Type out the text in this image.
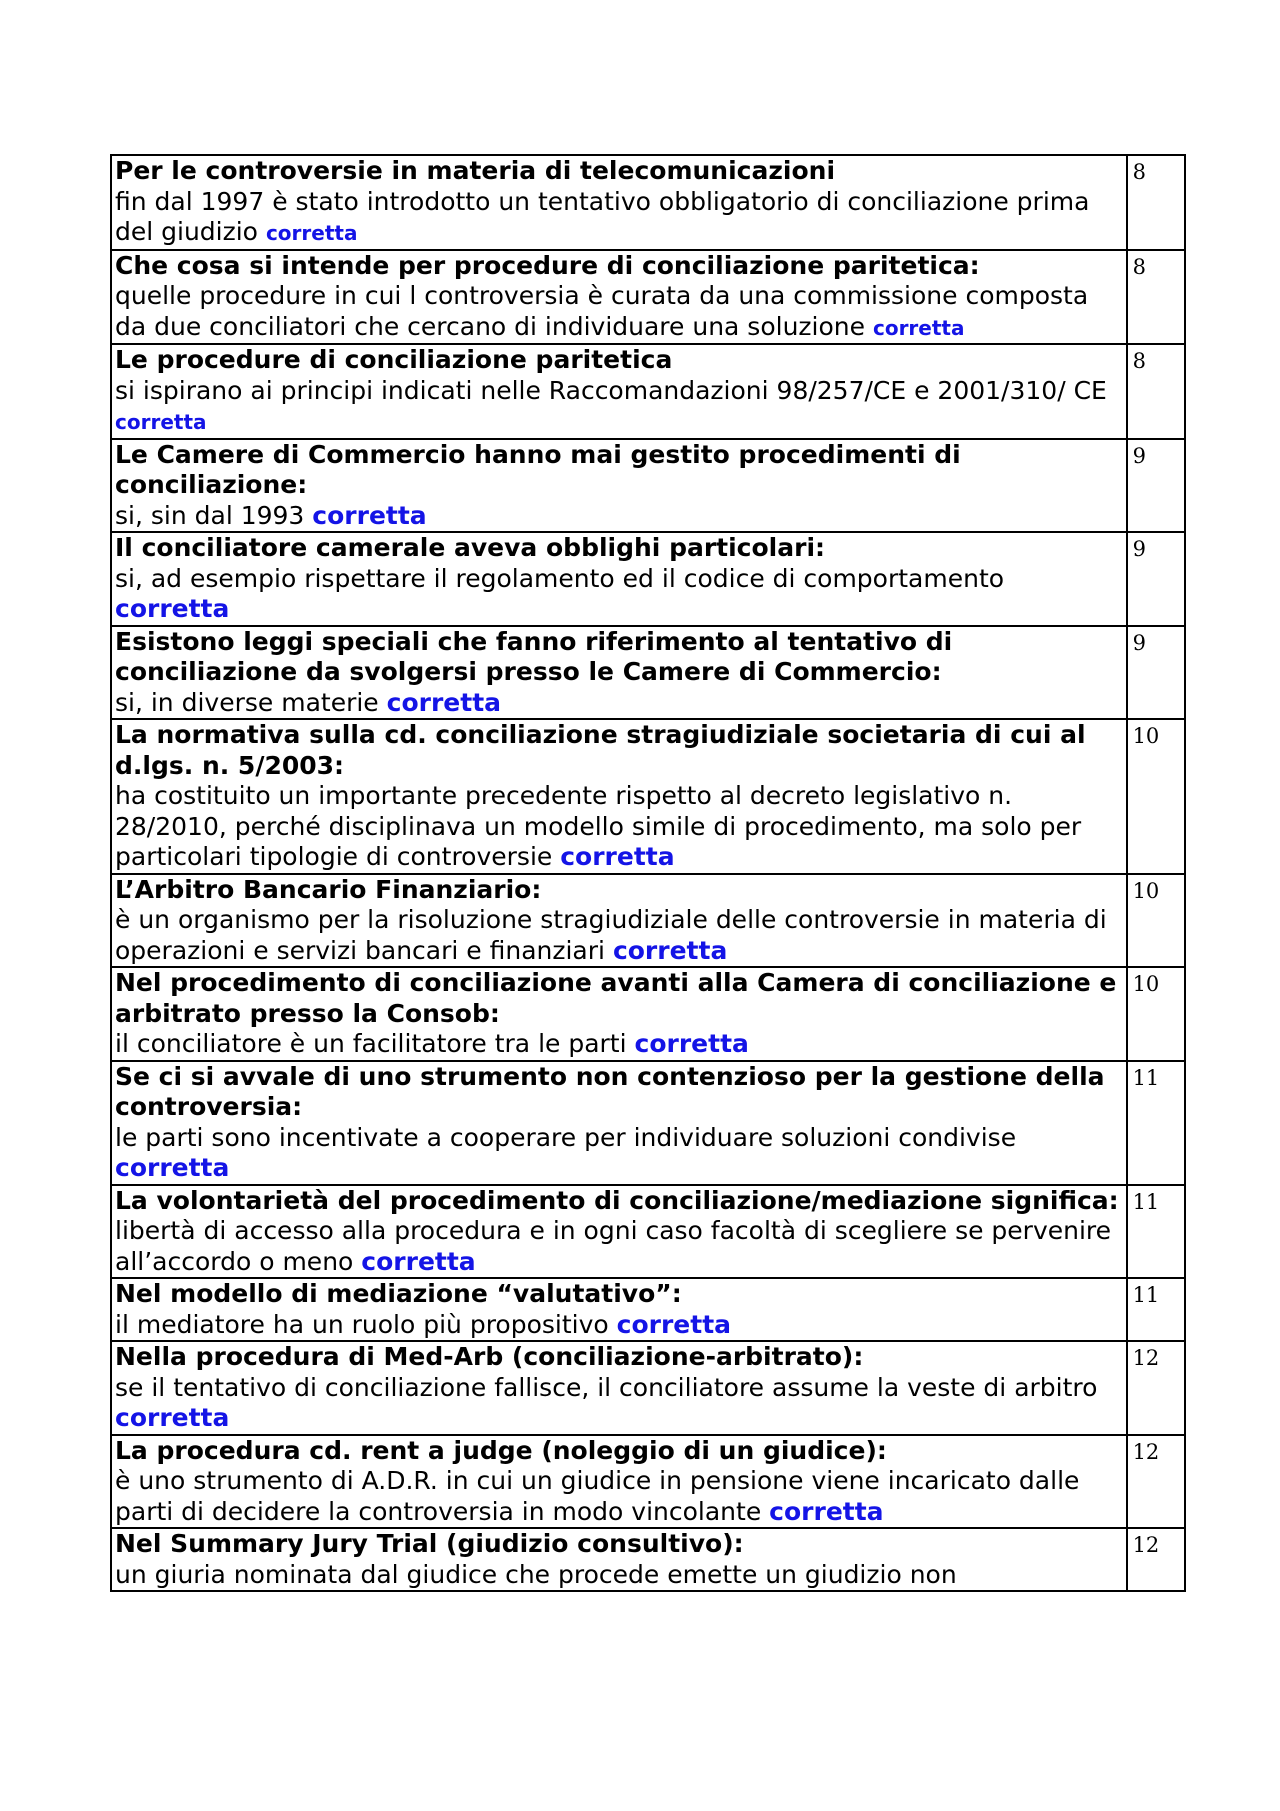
Per le controversie in materia di telecomunicazioni
fin dal 1997 è stato introdotto un tentativo obbligatorio di conciliazione prima del giudizio corretta	8
Che cosa si intende per procedure di conciliazione paritetica:
quelle procedure in cui l controversia è curata da una commissione composta da due conciliatori che cercano di individuare una soluzione corretta	8
Le procedure di conciliazione paritetica
si ispirano ai principi indicati nelle Raccomandazioni 98/257/CE e 2001/310/ CE corretta	8
Le Camere di Commercio hanno mai gestito procedimenti di conciliazione:
si, sin dal 1993 corretta	9
Il conciliatore camerale aveva obblighi particolari:
si, ad esempio rispettare il regolamento ed il codice di comportamento corretta	9
Esistono leggi speciali che fanno riferimento al tentativo di conciliazione da svolgersi presso le Camere di Commercio:
si, in diverse materie corretta	9
La normativa sulla cd. conciliazione stragiudiziale societaria di cui al d.lgs. n. 5/2003:
ha costituito un importante precedente rispetto al decreto legislativo n. 28/2010, perché disciplinava un modello simile di procedimento, ma solo per particolari tipologie di controversie corretta	10
L’Arbitro Bancario Finanziario:
è un organismo per la risoluzione stragiudiziale delle controversie in materia di operazioni e servizi bancari e finanziari corretta	10
Nel procedimento di conciliazione avanti alla Camera di conciliazione e arbitrato presso la Consob:
il conciliatore è un facilitatore tra le parti corretta	10
Se ci si avvale di uno strumento non contenzioso per la gestione della controversia:
le parti sono incentivate a cooperare per individuare soluzioni condivise corretta	11
La volontarietà del procedimento di conciliazione/mediazione significa:
libertà di accesso alla procedura e in ogni caso facoltà di scegliere se pervenire all’accordo o meno corretta	11
Nel modello di mediazione “valutativo”:
il mediatore ha un ruolo più propositivo corretta	11
Nella procedura di Med-Arb (conciliazione-arbitrato):
se il tentativo di conciliazione fallisce, il conciliatore assume la veste di arbitro corretta	12
La procedura cd. rent a judge (noleggio di un giudice):
è uno strumento di A.D.R. in cui un giudice in pensione viene incaricato dalle parti di decidere la controversia in modo vincolante corretta	12
Nel Summary Jury Trial (giudizio consultivo):
un giuria nominata dal giudice che procede emette un giudizio non	12
